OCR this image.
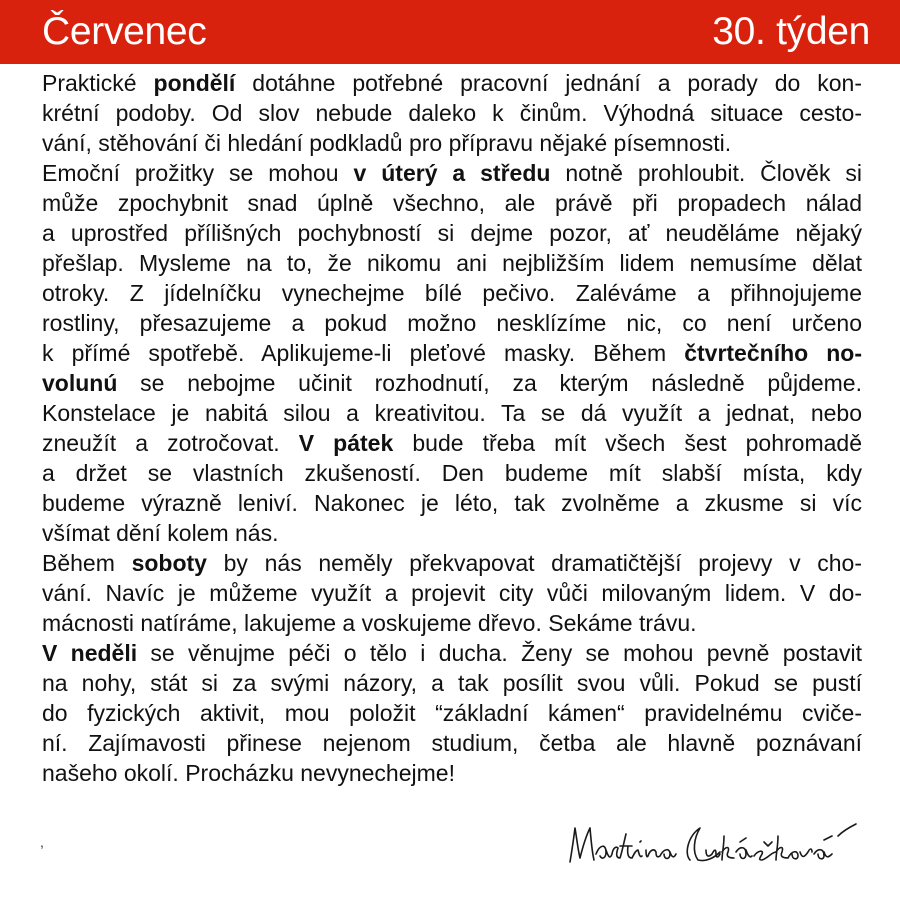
Červenec	30. týden
Praktické pondělí dotáhne potřebné pracovní jednání a porady do kon-
krétní podoby. Od slov nebude daleko k činům. Výhodná situace cesto-
vání, stěhování či hledání podkladů pro přípravu nějaké písemnosti.
Emoční prožitky se mohou v úterý a středu notně prohloubit. Člověk si
může zpochybnit snad úplně všechno, ale právě při propadech nálad
a uprostřed přílišných pochybností si dejme pozor, ať neuděláme nějaký
přešlap. Mysleme na to, že nikomu ani nejbližším lidem nemusíme dělat
otroky. Z jídelníčku vynechejme bílé pečivo. Zaléváme a přihnojujeme
rostliny, přesazujeme a pokud možno nesklízíme nic, co není určeno
k přímé spotřebě. Aplikujeme-li pleťové masky. Během čtvrtečního no-
volunú se nebojme učinit rozhodnutí, za kterým následně půjdeme.
Konstelace je nabitá silou a kreativitou. Ta se dá využít a jednat, nebo
zneužít a zotročovat. V pátek bude třeba mít všech šest pohromadě
a držet se vlastních zkušeností. Den budeme mít slabší místa, kdy
budeme výrazně leniví. Nakonec je léto, tak zvolněme a zkusme si víc
všímat dění kolem nás.
Během soboty by nás neměly překvapovat dramatičtější projevy v cho-
vání. Navíc je můžeme využít a projevit city vůči milovaným lidem. V do-
mácnosti natíráme, lakujeme a voskujeme dřevo. Sekáme trávu.
V neděli se věnujme péči o tělo i ducha. Ženy se mohou pevně postavit
na nohy, stát si za svými názory, a tak posílit svou vůli. Pokud se pustí
do fyzických aktivit, mou položit “základní kámen“ pravidelnému cviče-
ní. Zajímavosti přinese nejenom studium, četba ale hlavně poznávaní
našeho okolí. Procházku nevynechejme!
,
